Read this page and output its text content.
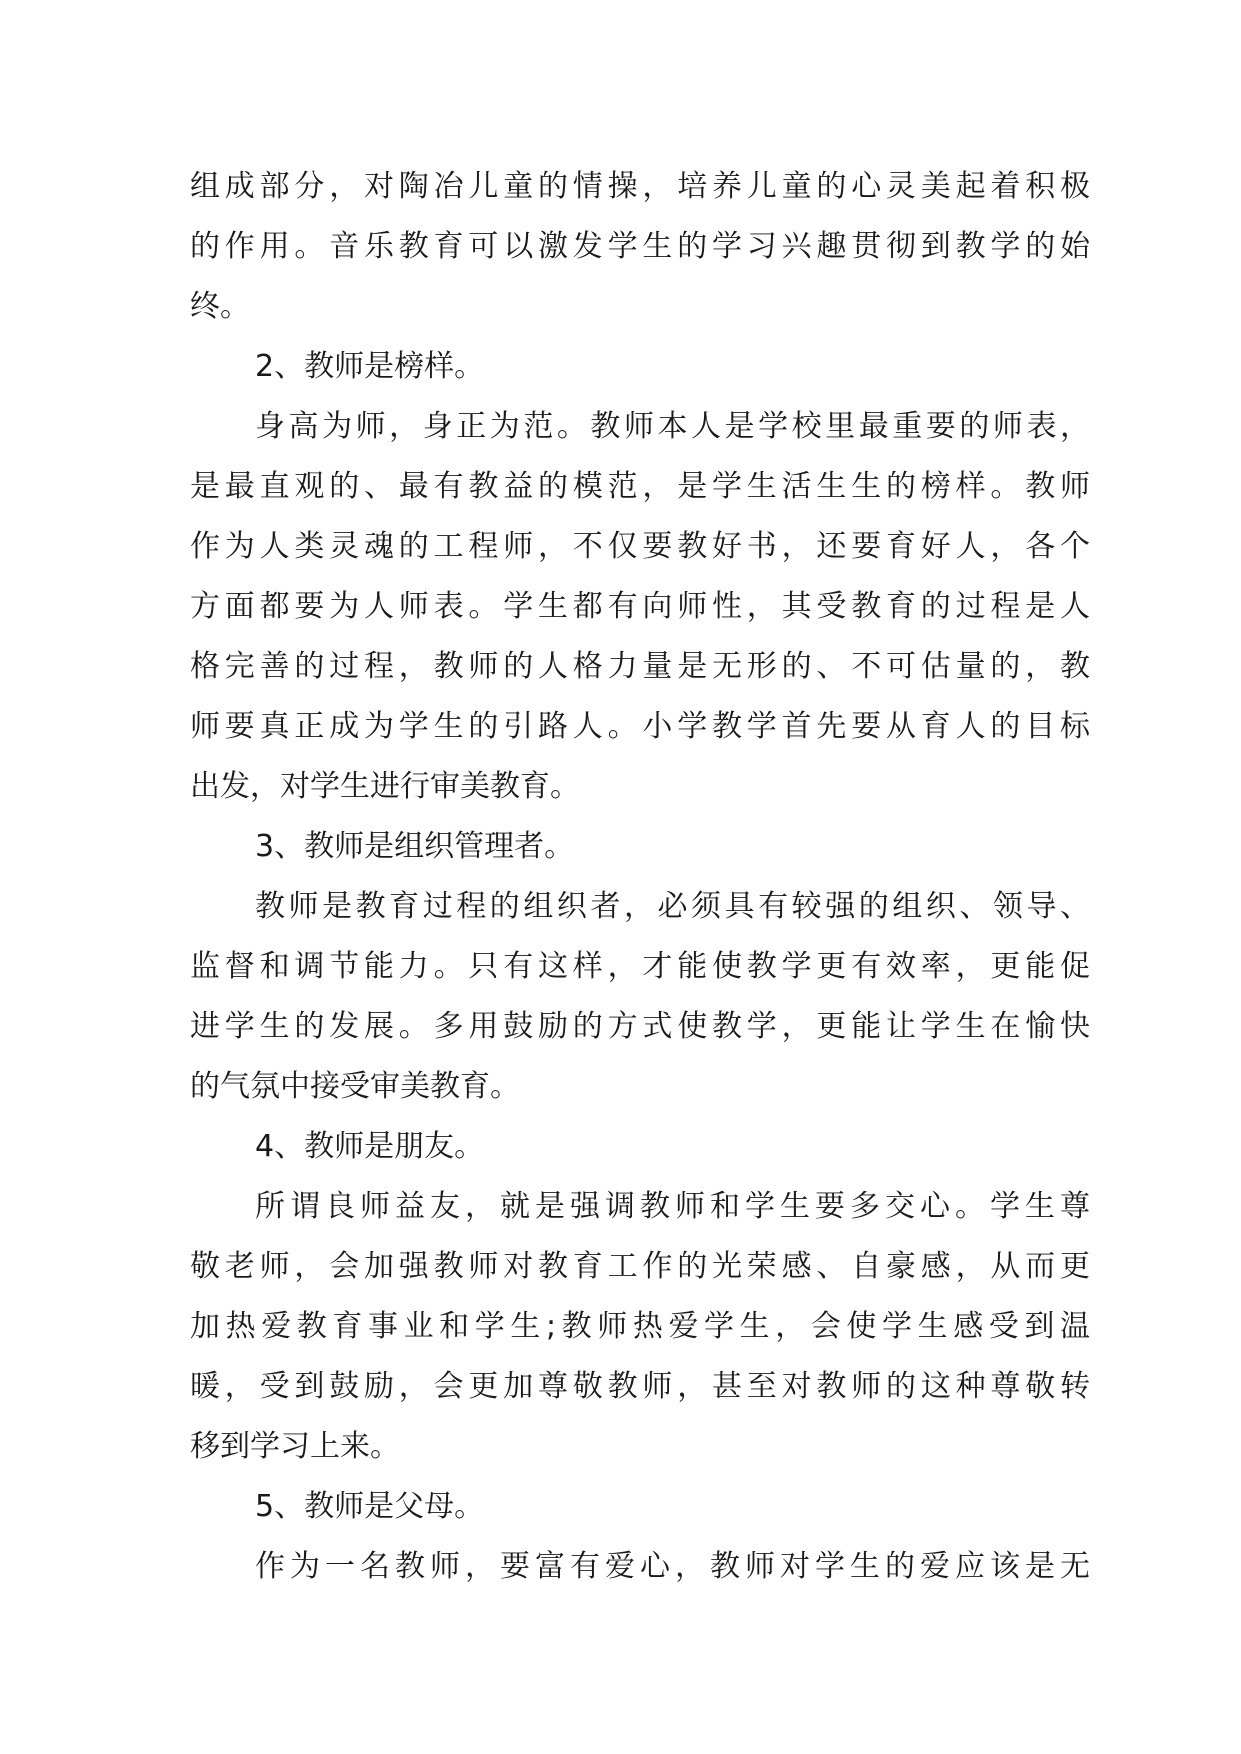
组成部分，对陶冶儿童的情操，培养儿童的心灵美起着积极
的作用。音乐教育可以激发学生的学习兴趣贯彻到教学的始
终。
2、教师是榜样。
身高为师，身正为范。教师本人是学校里最重要的师表，
是最直观的、最有教益的模范，是学生活生生的榜样。教师
作为人类灵魂的工程师，不仅要教好书，还要育好人，各个
方面都要为人师表。学生都有向师性，其受教育的过程是人
格完善的过程，教师的人格力量是无形的、不可估量的，教
师要真正成为学生的引路人。小学教学首先要从育人的目标
出发，对学生进行审美教育。
3、教师是组织管理者。
教师是教育过程的组织者，必须具有较强的组织、领导、
监督和调节能力。只有这样，才能使教学更有效率，更能促
进学生的发展。多用鼓励的方式使教学，更能让学生在愉快
的气氛中接受审美教育。
4、教师是朋友。
所谓良师益友，就是强调教师和学生要多交心。学生尊
敬老师，会加强教师对教育工作的光荣感、自豪感，从而更
加热爱教育事业和学生;教师热爱学生，会使学生感受到温
暖，受到鼓励，会更加尊敬教师，甚至对教师的这种尊敬转
移到学习上来。
5、教师是父母。
作为一名教师，要富有爱心，教师对学生的爱应该是无
